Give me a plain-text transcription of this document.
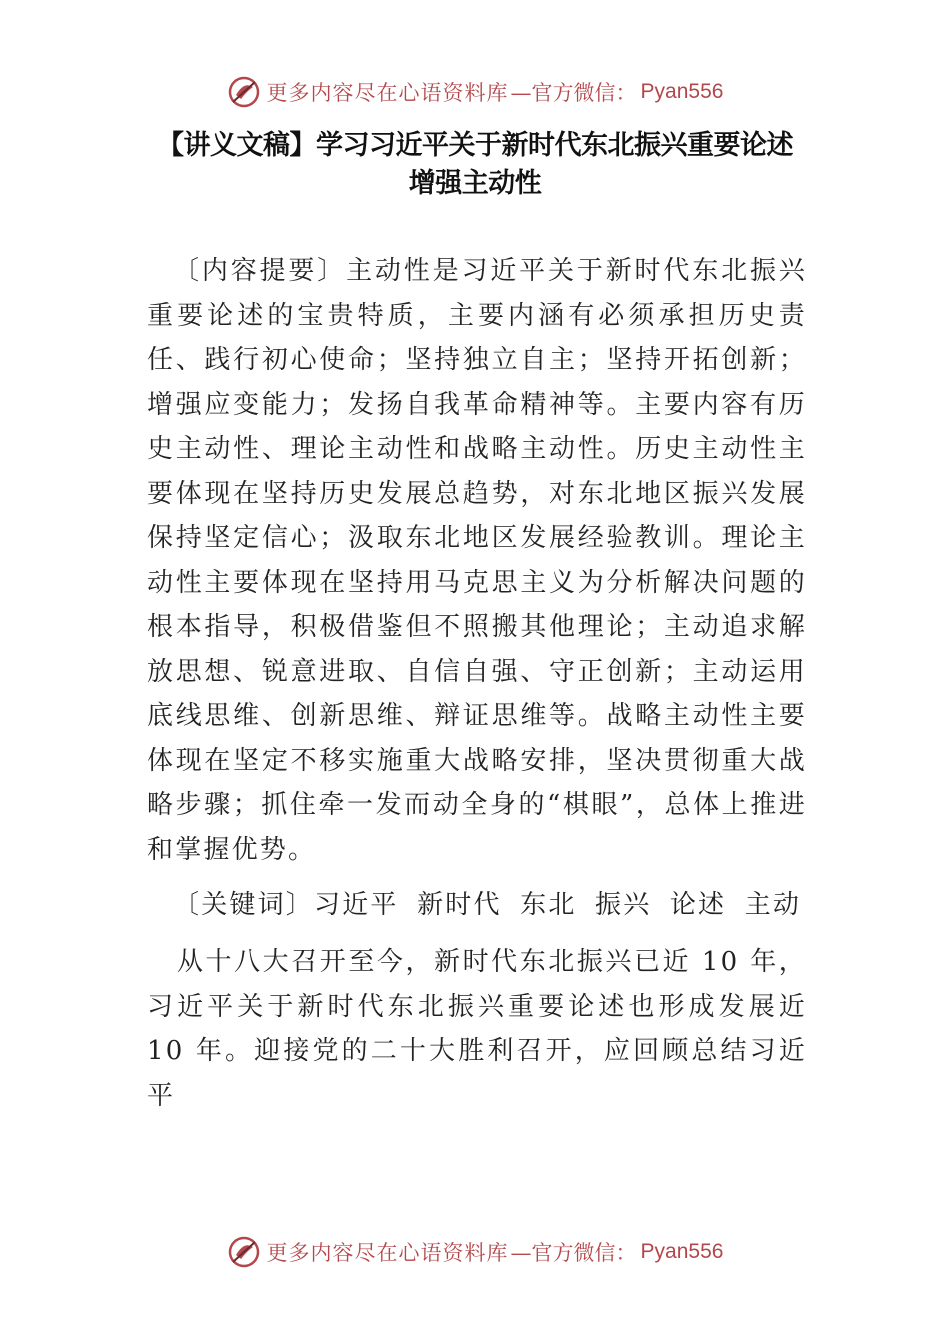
更多内容尽在心语资料库 —官方微信： Pyan556
【讲义文稿】学习习近平关于新时代东北振兴重要论述
增强主动性

〔内容提要〕主动性是习近平关于新时代东北振兴重要论述的宝贵特质，主要内涵有必须承担历史责任、践行初心使命；坚持独立自主；坚持开拓创新；增强应变能力；发扬自我革命精神等。主要内容有历史主动性、理论主动性和战略主动性。历史主动性主要体现在坚持历史发展总趋势，对东北地区振兴发展保持坚定信心；汲取东北地区发展经验教训。理论主动性主要体现在坚持用马克思主义为分析解决问题的根本指导，积极借鉴但不照搬其他理论；主动追求解放思想、锐意进取、自信自强、守正创新；主动运用底线思维、创新思维、辩证思维等。战略主动性主要体现在坚定不移实施重大战略安排，坚决贯彻重大战略步骤；抓住牵一发而动全身的“棋眼”，总体上推进和掌握优势。

〔关键词〕习近平 新时代 东北 振兴 论述 主动

从十八大召开至今，新时代东北振兴已近 10 年，习近平关于新时代东北振兴重要论述也形成发展近 10 年。迎接党的二十大胜利召开，应回顾总结习近平

更多内容尽在心语资料库 —官方微信： Pyan556
